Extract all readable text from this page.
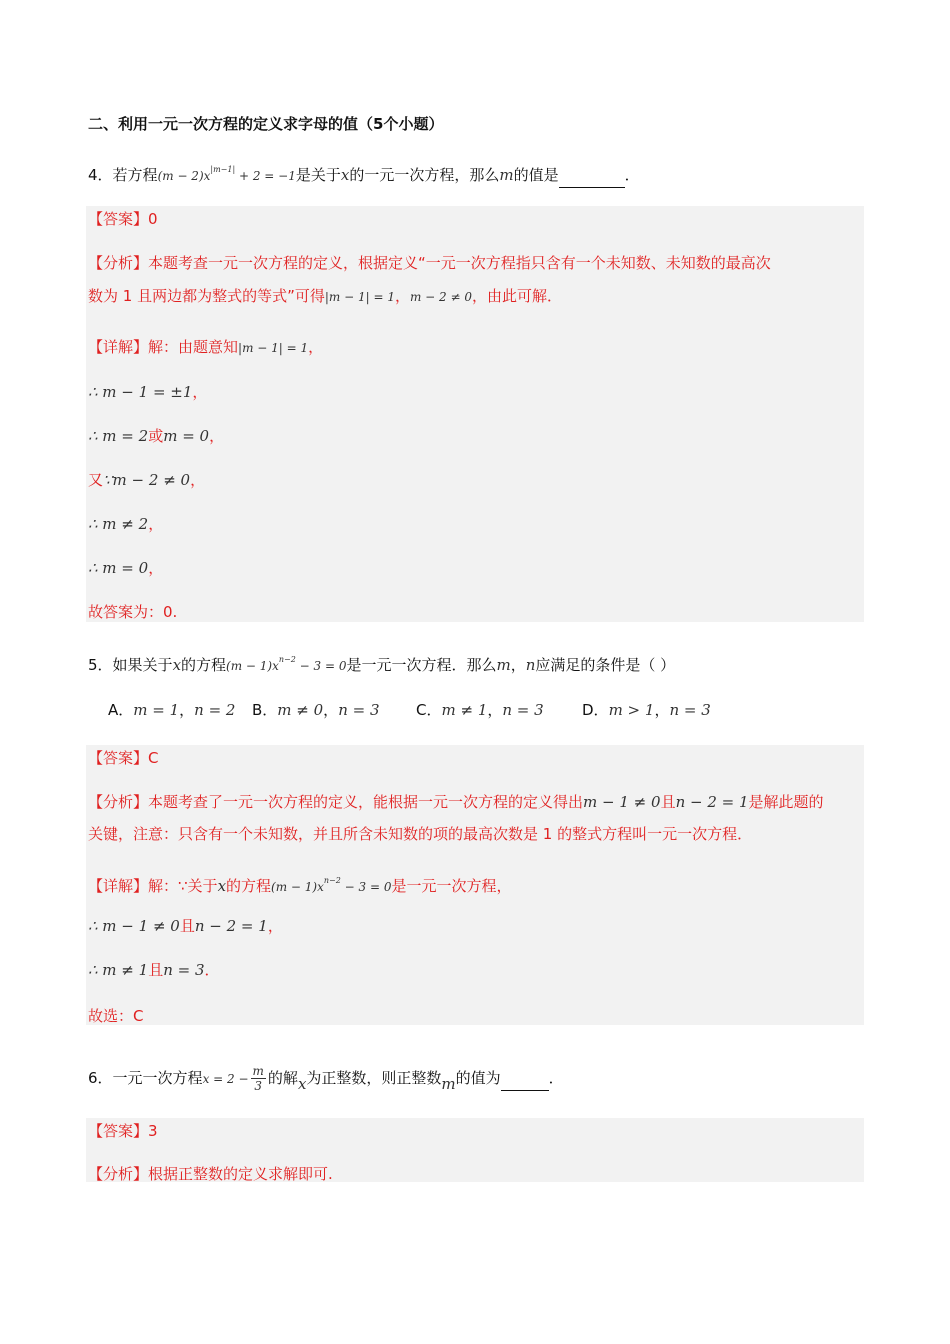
二、利用一元一次方程的定义求字母的值（5个小题）
4．若方程$(m - 2)x^{|m-1|} + 2 = -1$是关于x的一元一次方程，那么m的值是	．
【答案】0
【分析】本题考查一元一次方程的定义，根据定义“一元一次方程指只含有一个未知数、未知数的最高次
数为 1 且两边都为整式的等式”可得|m − 1| = 1，m − 2 ≠ 0，由此可解．
【详解】解：由题意知|m − 1| = 1，
∴ m − 1 = ±1，
∴ m = 2或m = 0，
又∵m − 2 ≠ 0，
∴ m ≠ 2，
∴ m = 0，
故答案为：0.
5．如果关于x的方程$(m - 1)x^{n-2} - 3 = 0$是一元一次方程．那么m，n应满足的条件是（ ）
A．m = 1，n = 2 B．m ≠ 0，n = 3 C．m ≠ 1，n = 3	D．m > 1，n = 3
【答案】C
【分析】本题考查了一元一次方程的定义，能根据一元一次方程的定义得出m − 1 ≠ 0且n − 2 = 1是解此题的
关键，注意：只含有一个未知数，并且所含未知数的项的最高次数是 1 的整式方程叫一元一次方程．
【详解】解：∵关于x的方程$(m - 1)x^{n-2} - 3 = 0$是一元一次方程，
∴ m − 1 ≠ 0且n − 2 = 1，
∴ m ≠ 1且n = 3．
故选：C
6．一元一次方程$x = 2 - \frac{m}{3}$ 的解x为正整数，则正整数m的值为	．
【答案】3
【分析】根据正整数的定义求解即可.
